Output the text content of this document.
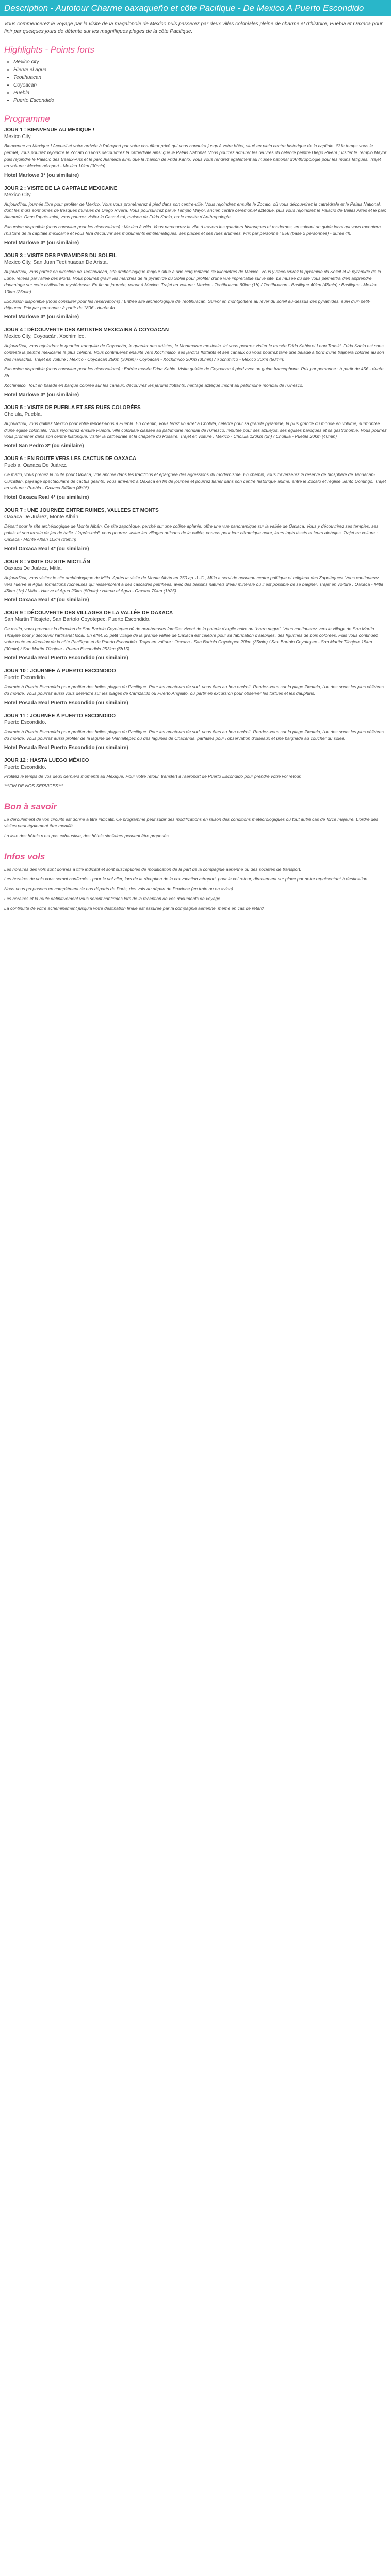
Description - Autotour Charme oaxaqueño et côte Pacifique - De Mexico A Puerto Escondido
Vous commencerez le voyage par la visite de la magalopole de Mexico puis passerez par deux villes coloniales pleine de charme et d'histoire, Puebla et Oaxaca pour finir par quelques jours de détente sur les magnifiques plages de la côte Pacifique.
Highlights - Points forts
• Mexico city
• Hierve el agua
• Teotihuacan
• Coyoacan
• Puebla
• Puerto Escondido
Programme
JOUR 1 : BIENVENUE AU MEXIQUE !
Mexico City.

Bienvenue au Mexique ! Accueil et votre arrivée à l'aéroport par votre chauffeur privé qui vous conduira jusqu'à votre hôtel, situé en plein centre historique de la capitale. Si le temps vous le permet, vous pourrez rejoindre le Zocalo ou vous découvrirez la cathédrale ainsi que le Palais National. Vous pourrez admirer les œuvres du célèbre peintre Diego Rivera ; visiter le Templo Mayor puis rejoindre le Palacio des Beaux-Arts et le parc Alameda ainsi que la maison de Frida Kahlo. Vous vous rendrez également au musée national d'Anthropologie pour les moins fatigués. Trajet en voiture : Mexico aéroport - Mexico 10km (30min)

Hotel Marlowe 3* (ou similaire)
JOUR 2 : VISITE DE LA CAPITALE MEXICAINE
Mexico City.

Aujourd'hui, journée libre pour profiter de Mexico. Vous vous promènerez à pied dans son centre-ville. Vous rejoindrez ensuite le Zocalo, où vous découvrirez la cathédrale et le Palais National, dont les murs sont ornés de fresques murales de Diego Rivera. Vous poursuivrez par le Templo Mayor, ancien centre cérémoniel aztèque, puis vous rejoindrez le Palacio de Bellas Artes et le parc Alameda. Dans l'après-midi, vous pourrez visiter la Casa Azul, maison de Frida Kahlo, ou le musée d'Anthropologie.

Excursion disponible (nous consulter pour les réservations) : Mexico à vélo. Vous parcourrez la ville à travers les quartiers historiques et modernes, en suivant un guide local qui vous racontera l'histoire de la capitale mexicaine et vous fera découvrir ses monuments emblématiques, ses places et ses rues animées. Prix par personne : 55€ (base 2 personnes) - durée 4h.

Hotel Marlowe 3* (ou similaire)
JOUR 3 : VISITE DES PYRAMIDES DU SOLEIL
Mexico City, San Juan Teotihuacan De Arista.

Aujourd'hui, vous partez en direction de Teotihuacan, site archéologique majeur situé à une cinquantaine de kilomètres de Mexico. Vous y découvrirez la pyramide du Soleil et la pyramide de la Lune, reliées par l'allée des Morts. Vous pourrez gravir les marches de la pyramide du Soleil pour profiter d'une vue imprenable sur le site. Le musée du site vous permettra d'en apprendre davantage sur cette civilisation mystérieuse. En fin de journée, retour à Mexico. Trajet en voiture : Mexico - Teotihuacan 60km (1h) / Teotihuacan - Basilique 40km (45min) / Basilique - Mexico 10km (25min)

Excursion disponible (nous consulter pour les réservations) : Entrée site archéologique de Teotihuacan. Survol en montgolfière au lever du soleil au-dessus des pyramides, suivi d'un petit-déjeuner. Prix par personne : à partir de 180€ - durée 4h.

Hotel Marlowe 3* (ou similaire)
JOUR 4 : DÉCOUVERTE DES ARTISTES MEXICAINS À COYOACAN
Mexico City, Coyoacán, Xochimilco.

Aujourd'hui, vous rejoindrez le quartier tranquille de Coyoacán, le quartier des artistes, le Montmartre mexicain. Ici vous pourrez visiter le musée Frida Kahlo et Leon Trotski. Frida Kahlo est sans conteste la peintre mexicaine la plus célèbre. Vous continuerez ensuite vers Xochimilco, ses jardins flottants et ses canaux où vous pourrez faire une balade à bord d'une trajinera colorée au son des mariachis. Trajet en voiture : Mexico - Coyoacan 25km (30min) / Coyoacan - Xochimilco 20km (30min) / Xochimilco - Mexico 30km (50min)

Excursion disponible (nous consulter pour les réservations) : Entrée musée Frida Kahlo. Visite guidée de Coyoacan à pied avec un guide francophone. Prix par personne : à partir de 45€ - durée 3h.

Xochimilco. Tout en balade en barque colorée sur les canaux, découvrez les jardins flottants, héritage aztèque inscrit au patrimoine mondial de l'Unesco.

Hotel Marlowe 3* (ou similaire)
JOUR 5 : VISITE DE PUEBLA ET SES RUES COLORÉES
Cholula, Puebla.

Aujourd'hui, vous quittez Mexico pour votre rendez-vous à Puebla. En chemin, vous ferez un arrêt à Cholula, célèbre pour sa grande pyramide, la plus grande du monde en volume, surmontée d'une église coloniale. Vous rejoindrez ensuite Puebla, ville coloniale classée au patrimoine mondial de l'Unesco, réputée pour ses azulejos, ses églises baroques et sa gastronomie. Vous pourrez vous promener dans son centre historique, visiter la cathédrale et la chapelle du Rosaire. Trajet en voiture : Mexico - Cholula 120km (2h) / Cholula - Puebla 20km (40min)

Hotel San Pedro 3* (ou similaire)
JOUR 6 : EN ROUTE VERS LES CACTUS DE OAXACA
Puebla, Oaxaca De Juárez.

Ce matin, vous prenez la route pour Oaxaca, ville ancrée dans les traditions et épargnée des agressions du modernisme. En chemin, vous traverserez la réserve de biosphère de Tehuacán-Cuicatlán, paysage spectaculaire de cactus géants. Vous arriverez à Oaxaca en fin de journée et pourrez flâner dans son centre historique animé, entre le Zocalo et l'église Santo Domingo. Trajet en voiture : Puebla - Oaxaca 340km (4h15)

Hotel Oaxaca Real 4* (ou similaire)
JOUR 7 : UNE JOURNÉE ENTRE RUINES, VALLÉES ET MONTS
Oaxaca De Juárez, Monte Albán.

Départ pour le site archéologique de Monte Albán. Ce site zapotèque, perché sur une colline aplanie, offre une vue panoramique sur la vallée de Oaxaca. Vous y découvrirez ses temples, ses palais et son terrain de jeu de balle. L'après-midi, vous pourrez visiter les villages artisans de la vallée, connus pour leur céramique noire, leurs tapis tissés et leurs alebrijes. Trajet en voiture : Oaxaca - Monte Alban 10km (25min)

Hotel Oaxaca Real 4* (ou similaire)
JOUR 8 : VISITE DU SITE MICTLÁN
Oaxaca De Juárez, Mitla.

Aujourd'hui, vous visitez le site archéologique de Mitla. Après la visite de Monte Albán en 750 ap. J.-C., Mitla a servi de nouveau centre politique et religieux des Zapotèques. Vous continuerez vers Hierve el Agua, formations rocheuses qui ressemblent à des cascades pétrifiées, avec des bassins naturels d'eau minérale où il est possible de se baigner. Trajet en voiture : Oaxaca - Mitla 45km (1h) / Mitla - Hierve el Agua 20km (50min) / Hierve el Agua - Oaxaca 70km (1h25)

Hotel Oaxaca Real 4* (ou similaire)
JOUR 9 : DÉCOUVERTE DES VILLAGES DE LA VALLÉE DE OAXACA
San Martin Tilcajete, San Bartolo Coyotepec, Puerto Escondido.

Ce matin, vous prendrez la direction de San Bartolo Coyotepec où de nombreuses familles vivent de la poterie d'argile noire ou "barro negro". Vous continuerez vers le village de San Martin Tilcajete pour y découvrir l'artisanat local. En effet, ici petit village de la grande vallée de Oaxaca est célèbre pour sa fabrication d'alebrijes, des figurines de bois colorées. Puis vous continuez votre route en direction de la côte Pacifique et de Puerto Escondido. Trajet en voiture : Oaxaca - San Bartolo Coyotepec 20km (35min) / San Bartolo Coyotepec - San Martin Tilcajete 15km (30min) / San Martin Tilcajete - Puerto Escondido 253km (6h15)

Hotel Posada Real Puerto Escondido (ou similaire)
JOUR 10 : JOURNÉE À PUERTO ESCONDIDO
Puerto Escondido.

Journée à Puerto Escondido pour profiter des belles plages du Pacifique. Pour les amateurs de surf, vous êtes au bon endroit. Rendez-vous sur la plage Zicatela, l'un des spots les plus célèbres du monde. Vous pourrez aussi vous détendre sur les plages de Carrizalillo ou Puerto Angelito, ou partir en excursion pour observer les tortues et les dauphins.

Hotel Posada Real Puerto Escondido (ou similaire)
JOUR 11 : JOURNÉE À PUERTO ESCONDIDO
Puerto Escondido.

Journée à Puerto Escondido pour profiter des belles plages du Pacifique. Pour les amateurs de surf, vous êtes au bon endroit. Rendez-vous sur la plage Zicatela, l'un des spots les plus célèbres du monde. Vous pourrez aussi profiter de la lagune de Manialtepec ou des lagunes de Chacahua, parfaites pour l'observation d'oiseaux et une baignade au coucher du soleil.

Hotel Posada Real Puerto Escondido (ou similaire)
JOUR 12 : HASTA LUEGO MÉXICO
Puerto Escondido.

Profitez le temps de vos deux derniers moments au Mexique. Pour votre retour, transfert à l'aéroport de Puerto Escondido pour prendre votre vol retour.

***FIN DE NOS SERVICES***

Bon à savoir

Le déroulement de vos circuits est donné à titre indicatif. Ce programme peut subir des modifications en raison des conditions météorologiques ou tout autre cas de force majeure. L'ordre des visites peut également être modifié.

La liste des hôtels n'est pas exhaustive, des hôtels similaires peuvent être proposés.

Infos vols

Les horaires des vols sont donnés à titre indicatif et sont susceptibles de modification de la part de la compagnie aérienne ou des sociétés de transport.

Les horaires de vols vous seront confirmés - pour le vol aller, lors de la réception de la convocation aéroport, pour le vol retour, directement sur place par notre représentant à destination.

Nous vous proposons en complément de nos départs de Paris, des vols au départ de Province (en train ou en avion).

Les horaires et la route définitivement vous seront confirmés lors de la réception de vos documents de voyage.

La continuité de votre acheminement jusqu'à votre destination finale est assurée par la compagnie aérienne, même en cas de retard.
